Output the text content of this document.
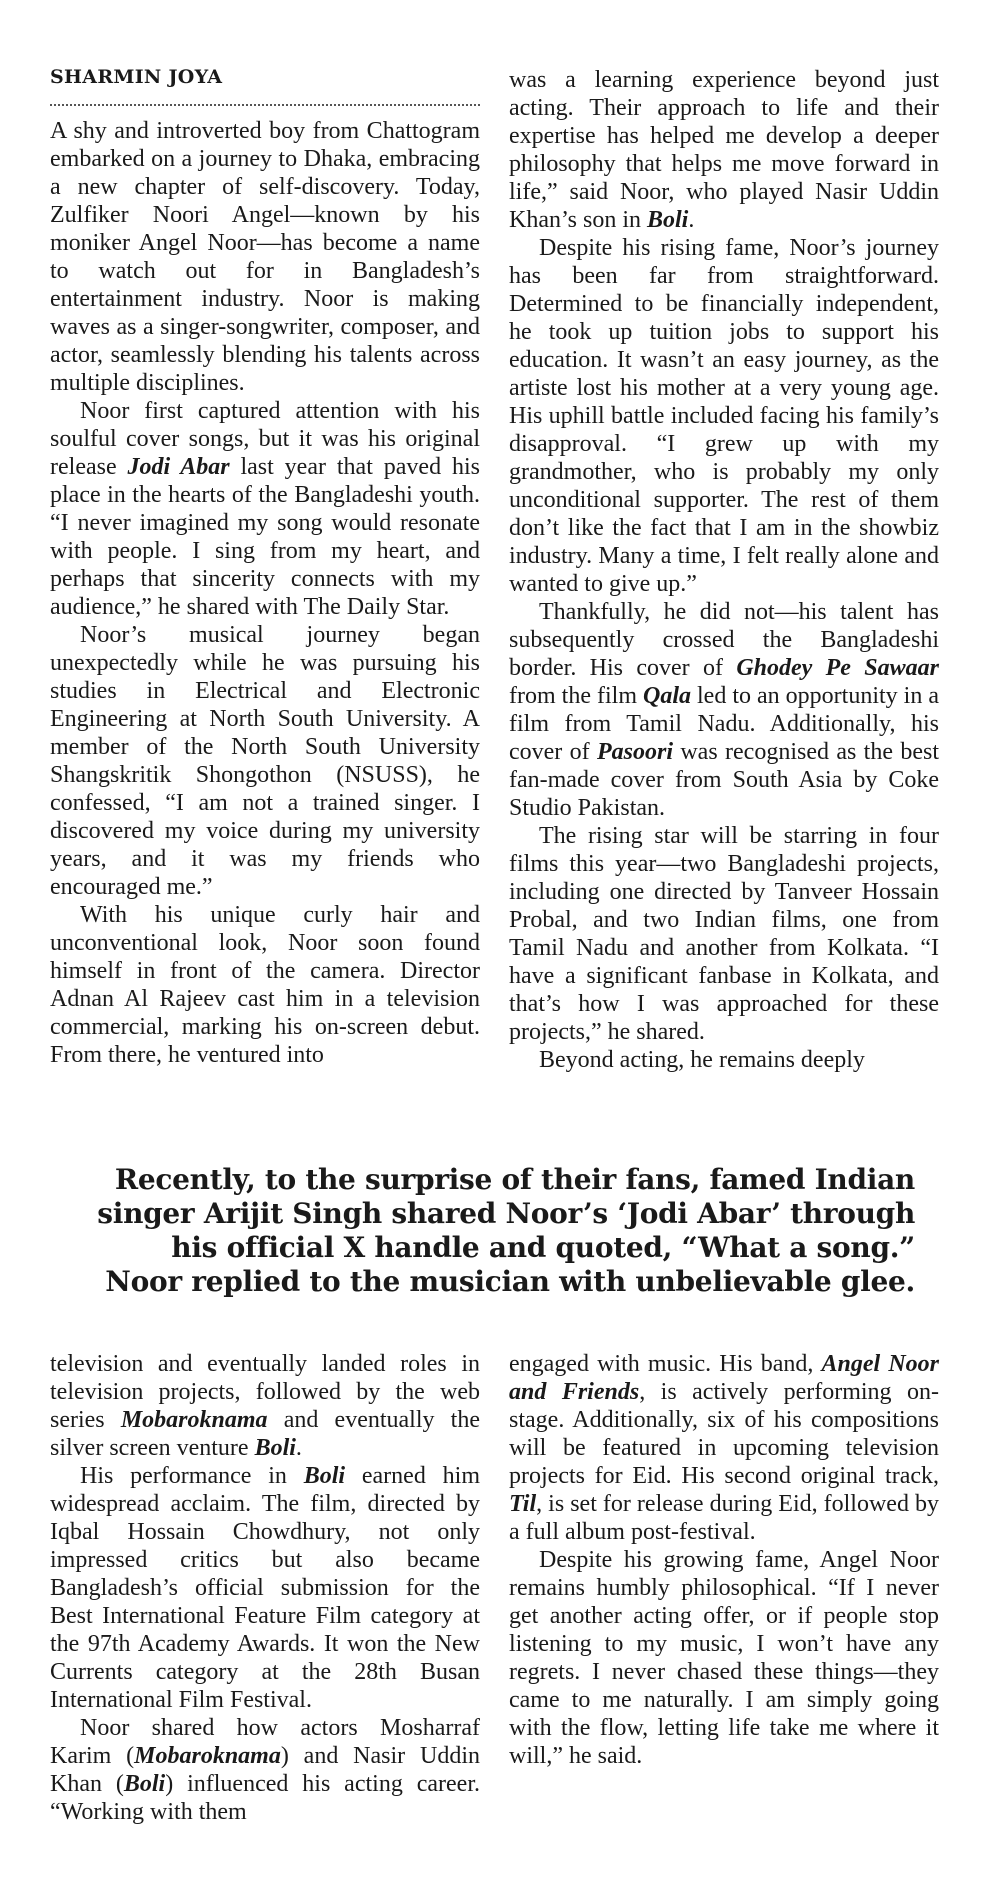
SHARMIN JOYA

A shy and introverted boy from Chattogram embarked on a journey to Dhaka, embracing a new chapter of self-discovery. Today, Zulfiker Noori Angel—known by his moniker Angel Noor—has become a name to watch out for in Bangladesh’s entertainment industry. Noor is making waves as a singer-songwriter, composer, and actor, seamlessly blending his talents across multiple disciplines.

Noor first captured attention with his soulful cover songs, but it was his original release Jodi Abar last year that paved his place in the hearts of the Bangladeshi youth. “I never imagined my song would resonate with people. I sing from my heart, and perhaps that sincerity connects with my audience,” he shared with The Daily Star.

Noor’s musical journey began unexpectedly while he was pursuing his studies in Electrical and Electronic Engineering at North South University. A member of the North South University Shangskritik Shongothon (NSUSS), he confessed, “I am not a trained singer. I discovered my voice during my university years, and it was my friends who encouraged me.”

With his unique curly hair and unconventional look, Noor soon found himself in front of the camera. Director Adnan Al Rajeev cast him in a television commercial, marking his on-screen debut. From there, he ventured into

was a learning experience beyond just acting. Their approach to life and their expertise has helped me develop a deeper philosophy that helps me move forward in life,” said Noor, who played Nasir Uddin Khan’s son in Boli.

Despite his rising fame, Noor’s journey has been far from straightforward. Determined to be financially independent, he took up tuition jobs to support his education. It wasn’t an easy journey, as the artiste lost his mother at a very young age. His uphill battle included facing his family’s disapproval. “I grew up with my grandmother, who is probably my only unconditional supporter. The rest of them don’t like the fact that I am in the showbiz industry. Many a time, I felt really alone and wanted to give up.”

Thankfully, he did not—his talent has subsequently crossed the Bangladeshi border. His cover of Ghodey Pe Sawaar from the film Qala led to an opportunity in a film from Tamil Nadu. Additionally, his cover of Pasoori was recognised as the best fan-made cover from South Asia by Coke Studio Pakistan.

The rising star will be starring in four films this year—two Bangladeshi projects, including one directed by Tanveer Hossain Probal, and two Indian films, one from Tamil Nadu and another from Kolkata. “I have a significant fanbase in Kolkata, and that’s how I was approached for these projects,” he shared.

Beyond acting, he remains deeply

Recently, to the surprise of their fans, famed Indian singer Arijit Singh shared Noor’s ‘Jodi Abar’ through his official X handle and quoted, “What a song.” Noor replied to the musician with unbelievable glee.

television and eventually landed roles in television projects, followed by the web series Mobaroknama and eventually the silver screen venture Boli.

His performance in Boli earned him widespread acclaim. The film, directed by Iqbal Hossain Chowdhury, not only impressed critics but also became Bangladesh’s official submission for the Best International Feature Film category at the 97th Academy Awards. It won the New Currents category at the 28th Busan International Film Festival.

Noor shared how actors Mosharraf Karim (Mobaroknama) and Nasir Uddin Khan (Boli) influenced his acting career. “Working with them

engaged with music. His band, Angel Noor and Friends, is actively performing on-stage. Additionally, six of his compositions will be featured in upcoming television projects for Eid. His second original track, Til, is set for release during Eid, followed by a full album post-festival.

Despite his growing fame, Angel Noor remains humbly philosophical. “If I never get another acting offer, or if people stop listening to my music, I won’t have any regrets. I never chased these things—they came to me naturally. I am simply going with the flow, letting life take me where it will,” he said.
